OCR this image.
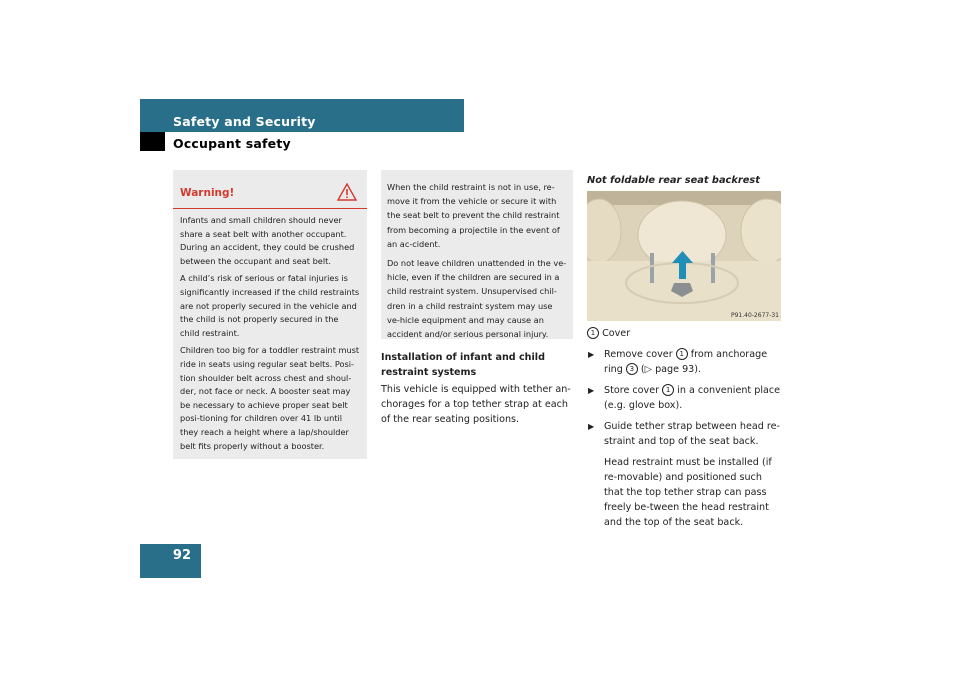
Safety and Security
Occupant safety
92
Warning!

Infants and small children should never share a seat belt with another occupant. During an accident, they could be crushed between the occupant and seat belt.

A child’s risk of serious or fatal injuries is significantly increased if the child restraints are not properly secured in the vehicle and the child is not properly secured in the child restraint.

Children too big for a toddler restraint must ride in seats using regular seat belts. Posi-tion shoulder belt across chest and shoul-der, not face or neck. A booster seat may be necessary to achieve proper seat belt posi-tioning for children over 41 lb until they reach a height where a lap/shoulder belt fits properly without a booster.

When the child restraint is not in use, re-move it from the vehicle or secure it with the seat belt to prevent the child restraint from becoming a projectile in the event of an ac-cident.

Do not leave children unattended in the ve-hicle, even if the children are secured in a child restraint system. Unsupervised chil-dren in a child restraint system may use ve-hicle equipment and may cause an accident and/or serious personal injury.

Installation of infant and child restraint systems

This vehicle is equipped with tether an-chorages for a top tether strap at each of the rear seating positions.

Not foldable rear seat backrest
P91.40-2677-31

1 Cover

▶ Remove cover 1 from anchorage ring 3 (▷ page 93).

▶ Store cover 1 in a convenient place (e.g. glove box).

▶ Guide tether strap between head re-straint and top of the seat back.

Head restraint must be installed (if re-movable) and positioned such that the top tether strap can pass freely be-tween the head restraint and the top of the seat back.
